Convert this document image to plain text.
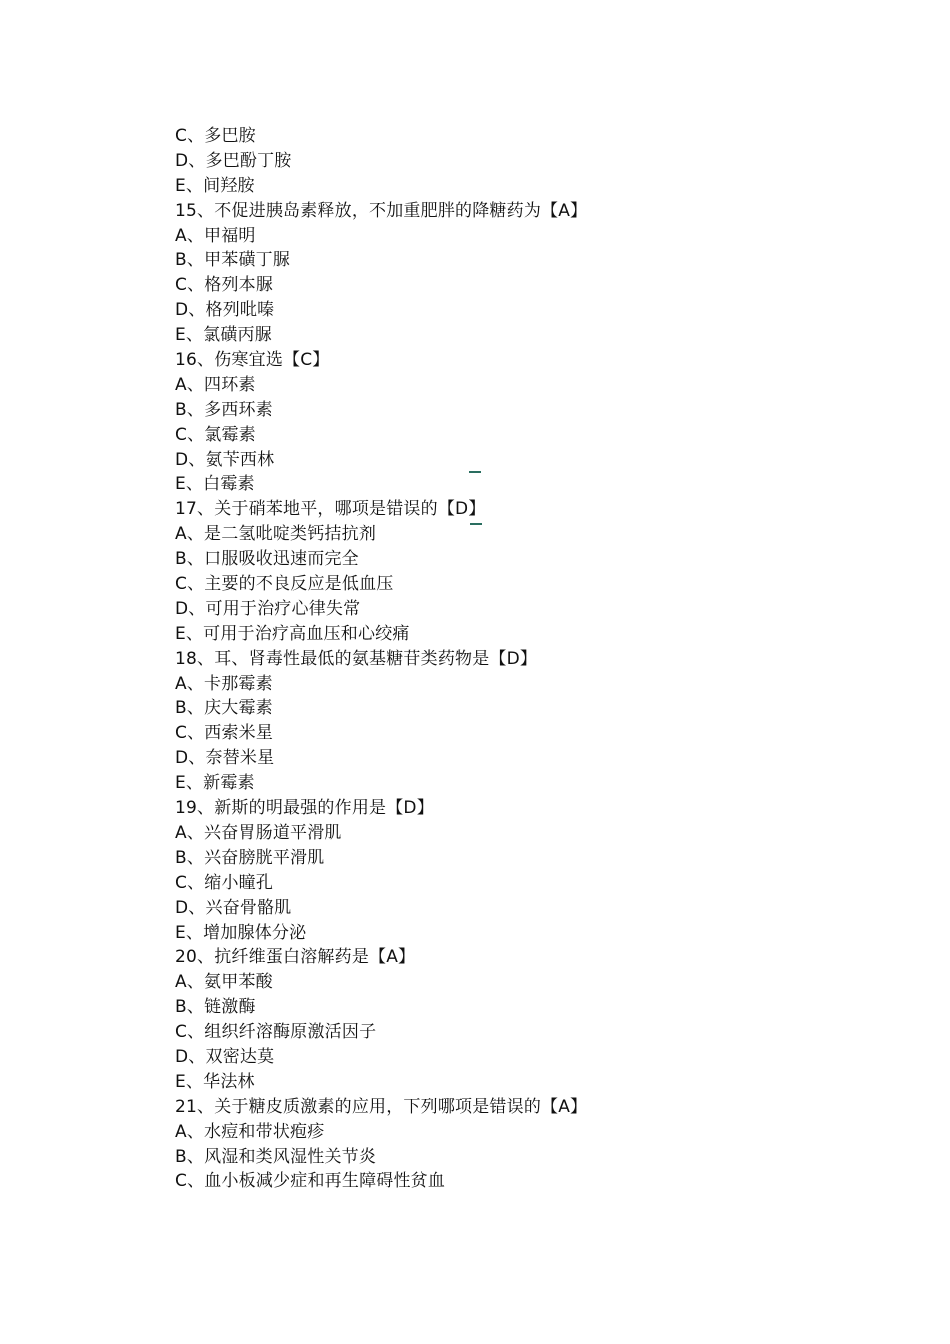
C、多巴胺
D、多巴酚丁胺
E、间羟胺
15、不促进胰岛素释放，不加重肥胖的降糖药为【A】
A、甲福明
B、甲苯磺丁脲
C、格列本脲
D、格列吡嗪
E、氯磺丙脲
16、伤寒宜选【C】
A、四环素
B、多西环素
C、氯霉素
D、氨苄西林
E、白霉素
17、关于硝苯地平，哪项是错误的【D】
A、是二氢吡啶类钙拮抗剂
B、口服吸收迅速而完全
C、主要的不良反应是低血压
D、可用于治疗心律失常
E、可用于治疗高血压和心绞痛
18、耳、肾毒性最低的氨基糖苷类药物是【D】
A、卡那霉素
B、庆大霉素
C、西索米星
D、奈替米星
E、新霉素
19、新斯的明最强的作用是【D】
A、兴奋胃肠道平滑肌
B、兴奋膀胱平滑肌
C、缩小瞳孔
D、兴奋骨骼肌
E、增加腺体分泌
20、抗纤维蛋白溶解药是【A】
A、氨甲苯酸
B、链激酶
C、组织纤溶酶原激活因子
D、双密达莫
E、华法林
21、关于糖皮质激素的应用，下列哪项是错误的【A】
A、水痘和带状疱疹
B、风湿和类风湿性关节炎
C、血小板减少症和再生障碍性贫血
